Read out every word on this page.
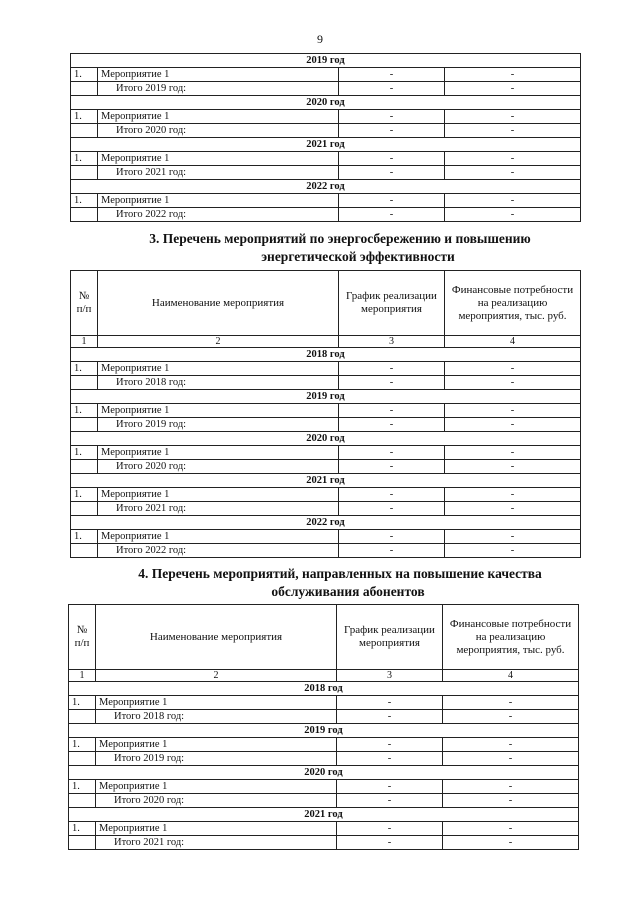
9
2019 год			
1.	Мероприятие 1	-	-
	Итого 2019 год:	-	-
2020 год			
1.	Мероприятие 1	-	-
	Итого 2020 год:	-	-
2021 год			
1.	Мероприятие 1	-	-
	Итого 2021 год:	-	-
2022 год			
1.	Мероприятие 1	-	-
	Итого 2022 год:	-	-
3. Перечень мероприятий по энергосбережению и повышению
энергетической эффективности
№ п/п	Наименование мероприятия	График реализации мероприятия	Финансовые потребности на реализацию мероприятия, тыс. руб.
1	2	3	4
2018 год			
1.	Мероприятие 1	-	-
	Итого 2018 год:	-	-
2019 год			
1.	Мероприятие 1	-	-
	Итого 2019 год:	-	-
2020 год			
1.	Мероприятие 1	-	-
	Итого 2020 год:	-	-
2021 год			
1.	Мероприятие 1	-	-
	Итого 2021 год:	-	-
2022 год			
1.	Мероприятие 1	-	-
	Итого 2022 год:	-	-
4. Перечень мероприятий, направленных на повышение качества
обслуживания абонентов
№ п/п	Наименование мероприятия	График реализации мероприятия	Финансовые потребности на реализацию мероприятия, тыс. руб.
1	2	3	4
2018 год			
1.	Мероприятие 1	-	-
	Итого 2018 год:	-	-
2019 год			
1.	Мероприятие 1	-	-
	Итого 2019 год:	-	-
2020 год			
1.	Мероприятие 1	-	-
	Итого 2020 год:	-	-
2021 год			
1.	Мероприятие 1	-	-
	Итого 2021 год:	-	-
